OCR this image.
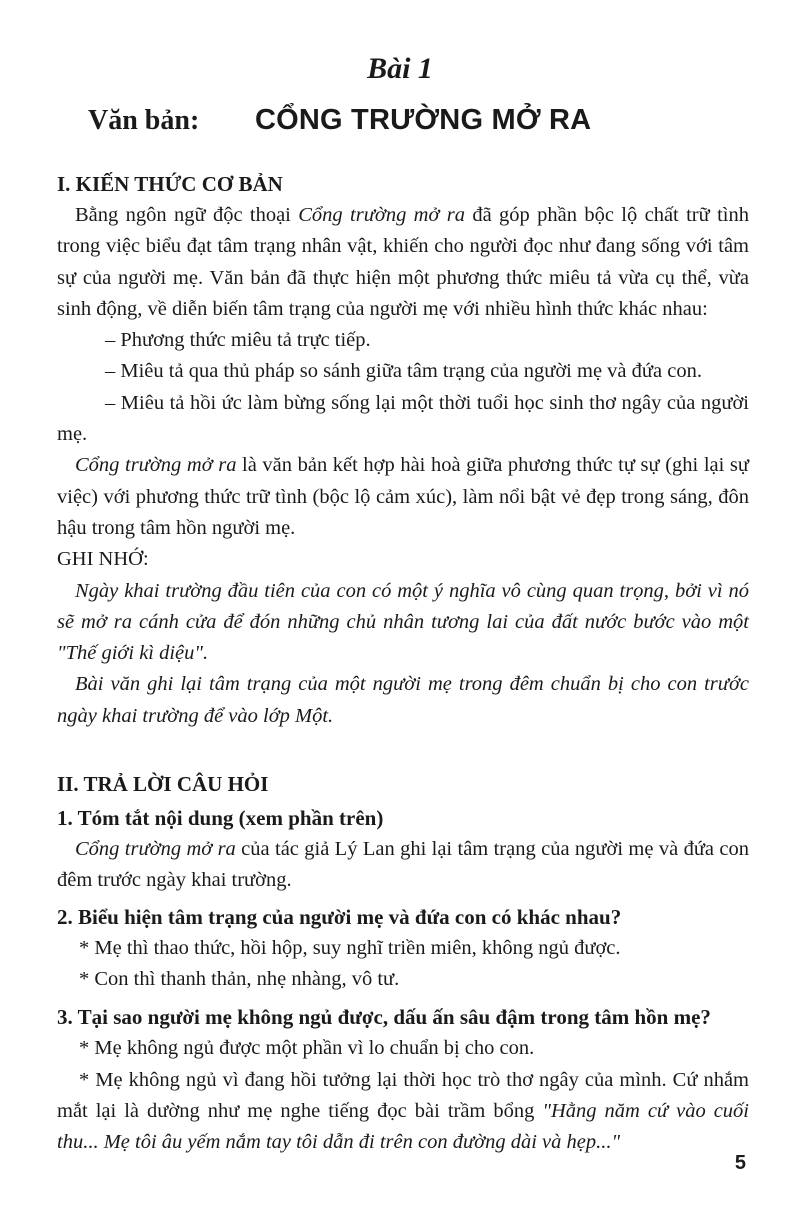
Bài 1
Văn bản: CỔNG TRƯỜNG MỞ RA
I. KIẾN THỨC CƠ BẢN

Bằng ngôn ngữ độc thoại Cổng trường mở ra đã góp phần bộc lộ chất trữ tình trong việc biểu đạt tâm trạng nhân vật, khiến cho người đọc như đang sống với tâm sự của người mẹ. Văn bản đã thực hiện một phương thức miêu tả vừa cụ thể, vừa sinh động, về diễn biến tâm trạng của người mẹ với nhiều hình thức khác nhau:

– Phương thức miêu tả trực tiếp.

– Miêu tả qua thủ pháp so sánh giữa tâm trạng của người mẹ và đứa con.

– Miêu tả hồi ức làm bừng sống lại một thời tuổi học sinh thơ ngây của người mẹ.

Cổng trường mở ra là văn bản kết hợp hài hoà giữa phương thức tự sự (ghi lại sự việc) với phương thức trữ tình (bộc lộ cảm xúc), làm nổi bật vẻ đẹp trong sáng, đôn hậu trong tâm hồn người mẹ.

GHI NHỚ:

Ngày khai trường đầu tiên của con có một ý nghĩa vô cùng quan trọng, bởi vì nó sẽ mở ra cánh cửa để đón những chủ nhân tương lai của đất nước bước vào một "Thế giới kì diệu".

Bài văn ghi lại tâm trạng của một người mẹ trong đêm chuẩn bị cho con trước ngày khai trường để vào lớp Một.

II. TRẢ LỜI CÂU HỎI
1. Tóm tắt nội dung (xem phần trên)

Cổng trường mở ra của tác giả Lý Lan ghi lại tâm trạng của người mẹ và đứa con đêm trước ngày khai trường.

2. Biểu hiện tâm trạng của người mẹ và đứa con có khác nhau?

* Mẹ thì thao thức, hồi hộp, suy nghĩ triền miên, không ngủ được.

* Con thì thanh thản, nhẹ nhàng, vô tư.

3. Tại sao người mẹ không ngủ được, dấu ấn sâu đậm trong tâm hồn mẹ?

* Mẹ không ngủ được một phần vì lo chuẩn bị cho con.

* Mẹ không ngủ vì đang hồi tưởng lại thời học trò thơ ngây của mình. Cứ nhắm mắt lại là dường như mẹ nghe tiếng đọc bài trầm bổng "Hằng năm cứ vào cuối thu... Mẹ tôi âu yếm nắm tay tôi dẫn đi trên con đường dài và hẹp..."

5
